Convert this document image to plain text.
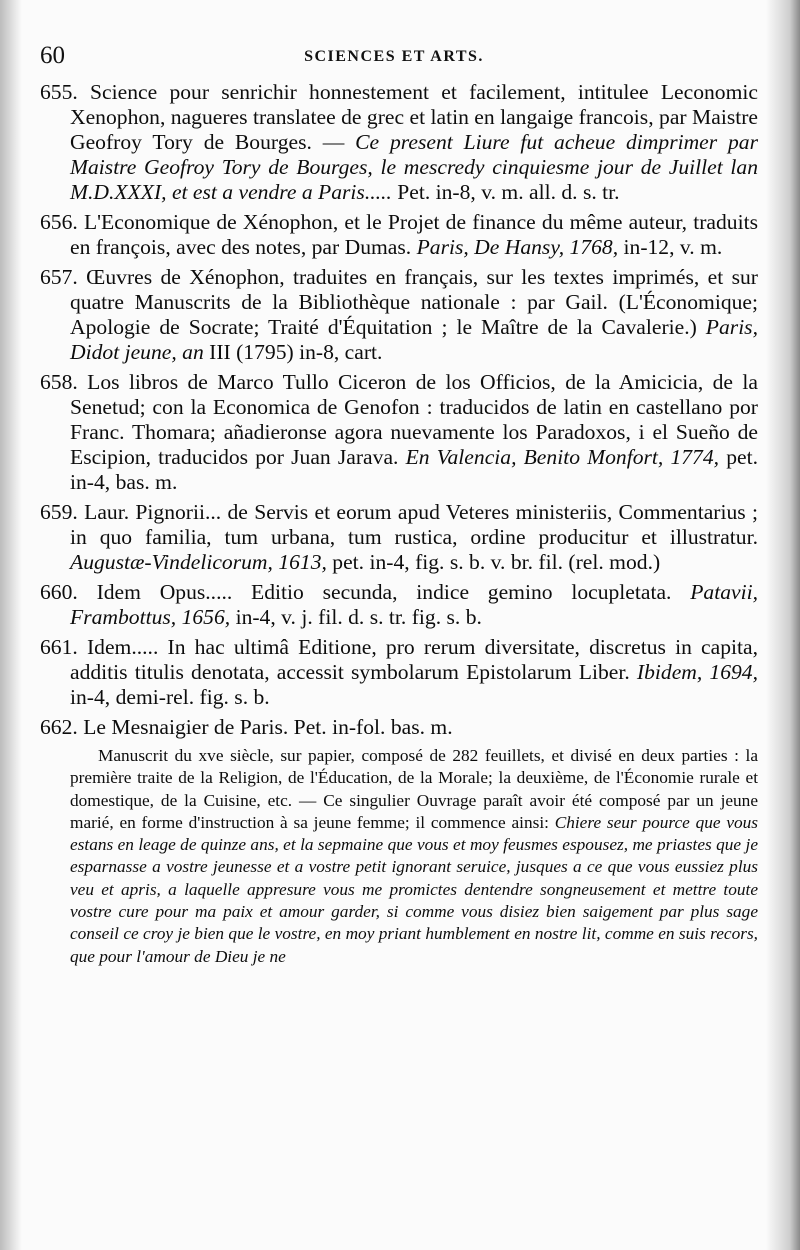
60	SCIENCES ET ARTS.

655. Science pour senrichir honnestement et facilement, intitulee Leconomic Xenophon, nagueres translatee de grec et latin en langaige francois, par Maistre Geofroy Tory de Bourges. — Ce present Liure fut acheue dimprimer par Maistre Geofroy Tory de Bourges, le mescredy cinquiesme jour de Juillet lan M.D.XXXI, et est a vendre a Paris..... Pet. in-8, v. m. all. d. s. tr.

656. L'Economique de Xénophon, et le Projet de finance du même auteur, traduits en françois, avec des notes, par Dumas. Paris, De Hansy, 1768, in-12, v. m.

657. Œuvres de Xénophon, traduites en français, sur les textes imprimés, et sur quatre Manuscrits de la Bibliothèque nationale : par Gail. (L'Économique; Apologie de Socrate; Traité d'Équitation ; le Maître de la Cavalerie.) Paris, Didot jeune, an III (1795) in-8, cart.

658. Los libros de Marco Tullo Ciceron de los Officios, de la Amicicia, de la Senetud; con la Economica de Genofon : traducidos de latin en castellano por Franc. Thomara; añadieronse agora nuevamente los Paradoxos, i el Sueño de Escipion, traducidos por Juan Jarava. En Valencia, Benito Monfort, 1774, pet. in-4, bas. m.

659. Laur. Pignorii... de Servis et eorum apud Veteres ministeriis, Commentarius ; in quo familia, tum urbana, tum rustica, ordine producitur et illustratur. Augustæ-Vindelicorum, 1613, pet. in-4, fig. s. b. v. br. fil. (rel. mod.)

660. Idem Opus..... Editio secunda, indice gemino locupletata. Patavii, Frambottus, 1656, in-4, v. j. fil. d. s. tr. fig. s. b.

661. Idem..... In hac ultimâ Editione, pro rerum diversitate, discretus in capita, additis titulis denotata, accessit symbolarum Epistolarum Liber. Ibidem, 1694, in-4, demi-rel. fig. s. b.

662. Le Mesnaigier de Paris. Pet. in-fol. bas. m.

Manuscrit du xve siècle, sur papier, composé de 282 feuillets, et divisé en deux parties : la première traite de la Religion, de l'Éducation, de la Morale; la deuxième, de l'Économie rurale et domestique, de la Cuisine, etc. — Ce singulier Ouvrage paraît avoir été composé par un jeune marié, en forme d'instruction à sa jeune femme; il commence ainsi: Chiere seur pource que vous estans en leage de quinze ans, et la sepmaine que vous et moy feusmes espousez, me priastes que je esparnasse a vostre jeunesse et a vostre petit ignorant seruice, jusques a ce que vous eussiez plus veu et apris, a laquelle appresure vous me promictes dentendre songneusement et mettre toute vostre cure pour ma paix et amour garder, si comme vous disiez bien saigement par plus sage conseil ce croy je bien que le vostre, en moy priant humblement en nostre lit, comme en suis recors, que pour l'amour de Dieu je ne
